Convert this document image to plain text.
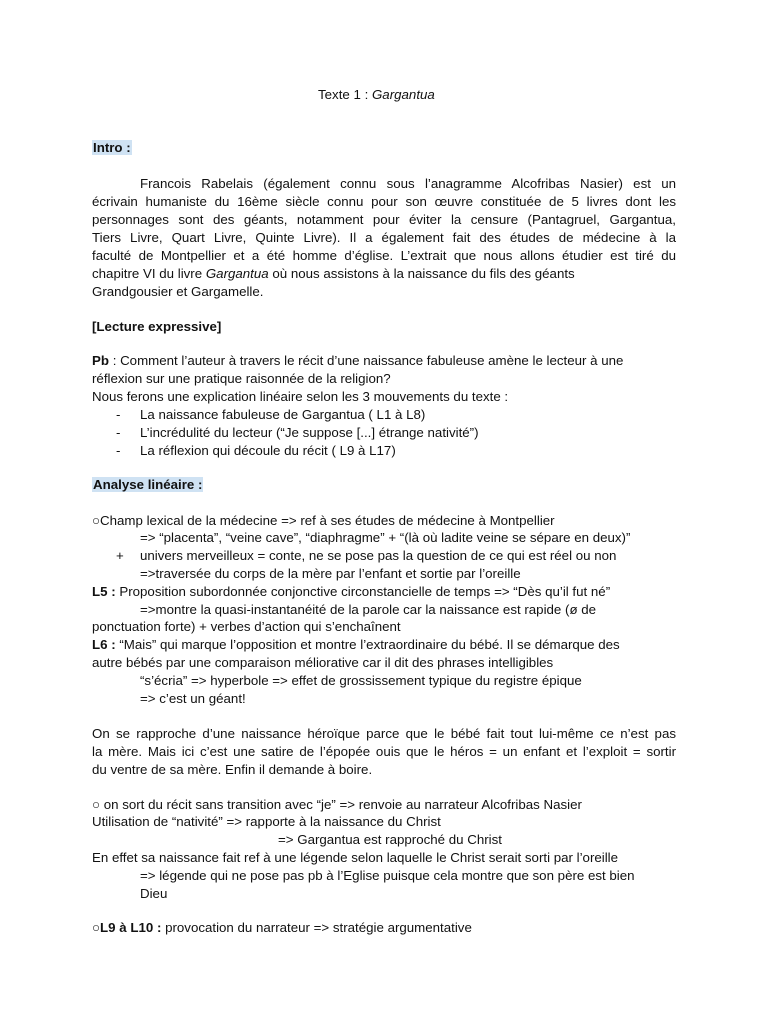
Texte 1 : Gargantua

Intro :

Francois Rabelais (également connu sous l’anagramme Alcofribas Nasier) est un

écrivain humaniste du 16ème siècle connu pour son œuvre constituée de 5 livres dont les

personnages sont des géants, notamment pour éviter la censure (Pantagruel, Gargantua,

Tiers Livre, Quart Livre, Quinte Livre). Il a également fait des études de médecine à la

faculté de Montpellier et a été homme d’église. L’extrait que nous allons étudier est tiré du

chapitre VI du livre Gargantua où nous assistons à la naissance du fils des géants

Grandgousier et Gargamelle.

[Lecture expressive]

Pb : Comment l’auteur à travers le récit d’une naissance fabuleuse amène le lecteur à une

réflexion sur une pratique raisonnée de la religion?

Nous ferons une explication linéaire selon les 3 mouvements du texte :

- La naissance fabuleuse de Gargantua ( L1 à L8)

- L’incrédulité du lecteur (“Je suppose [...] étrange nativité”)

- La réflexion qui découle du récit ( L9 à L17)

Analyse linéaire :

○Champ lexical de la médecine => ref à ses études de médecine à Montpellier

=> “placenta”, “veine cave”, “diaphragme” + “(là où ladite veine se sépare en deux)”

+ univers merveilleux = conte, ne se pose pas la question de ce qui est réel ou non

=>traversée du corps de la mère par l’enfant et sortie par l’oreille

L5 : Proposition subordonnée conjonctive circonstancielle de temps => “Dès qu’il fut né”

=>montre la quasi-instantanéité de la parole car la naissance est rapide (ø de

ponctuation forte) + verbes d’action qui s’enchaînent

L6 : “Mais” qui marque l’opposition et montre l’extraordinaire du bébé. Il se démarque des

autre bébés par une comparaison méliorative car il dit des phrases intelligibles

“s’écria” => hyperbole => effet de grossissement typique du registre épique

=> c’est un géant!

On se rapproche d’une naissance héroïque parce que le bébé fait tout lui-même ce n’est pas

la mère. Mais ici c’est une satire de l’épopée ouis que le héros = un enfant et l’exploit = sortir

du ventre de sa mère. Enfin il demande à boire.

○ on sort du récit sans transition avec “je” => renvoie au narrateur Alcofribas Nasier

Utilisation de “nativité” => rapporte à la naissance du Christ

=> Gargantua est rapproché du Christ

En effet sa naissance fait ref à une légende selon laquelle le Christ serait sorti par l’oreille

=> légende qui ne pose pas pb à l’Eglise puisque cela montre que son père est bien

Dieu

○L9 à L10 : provocation du narrateur => stratégie argumentative
